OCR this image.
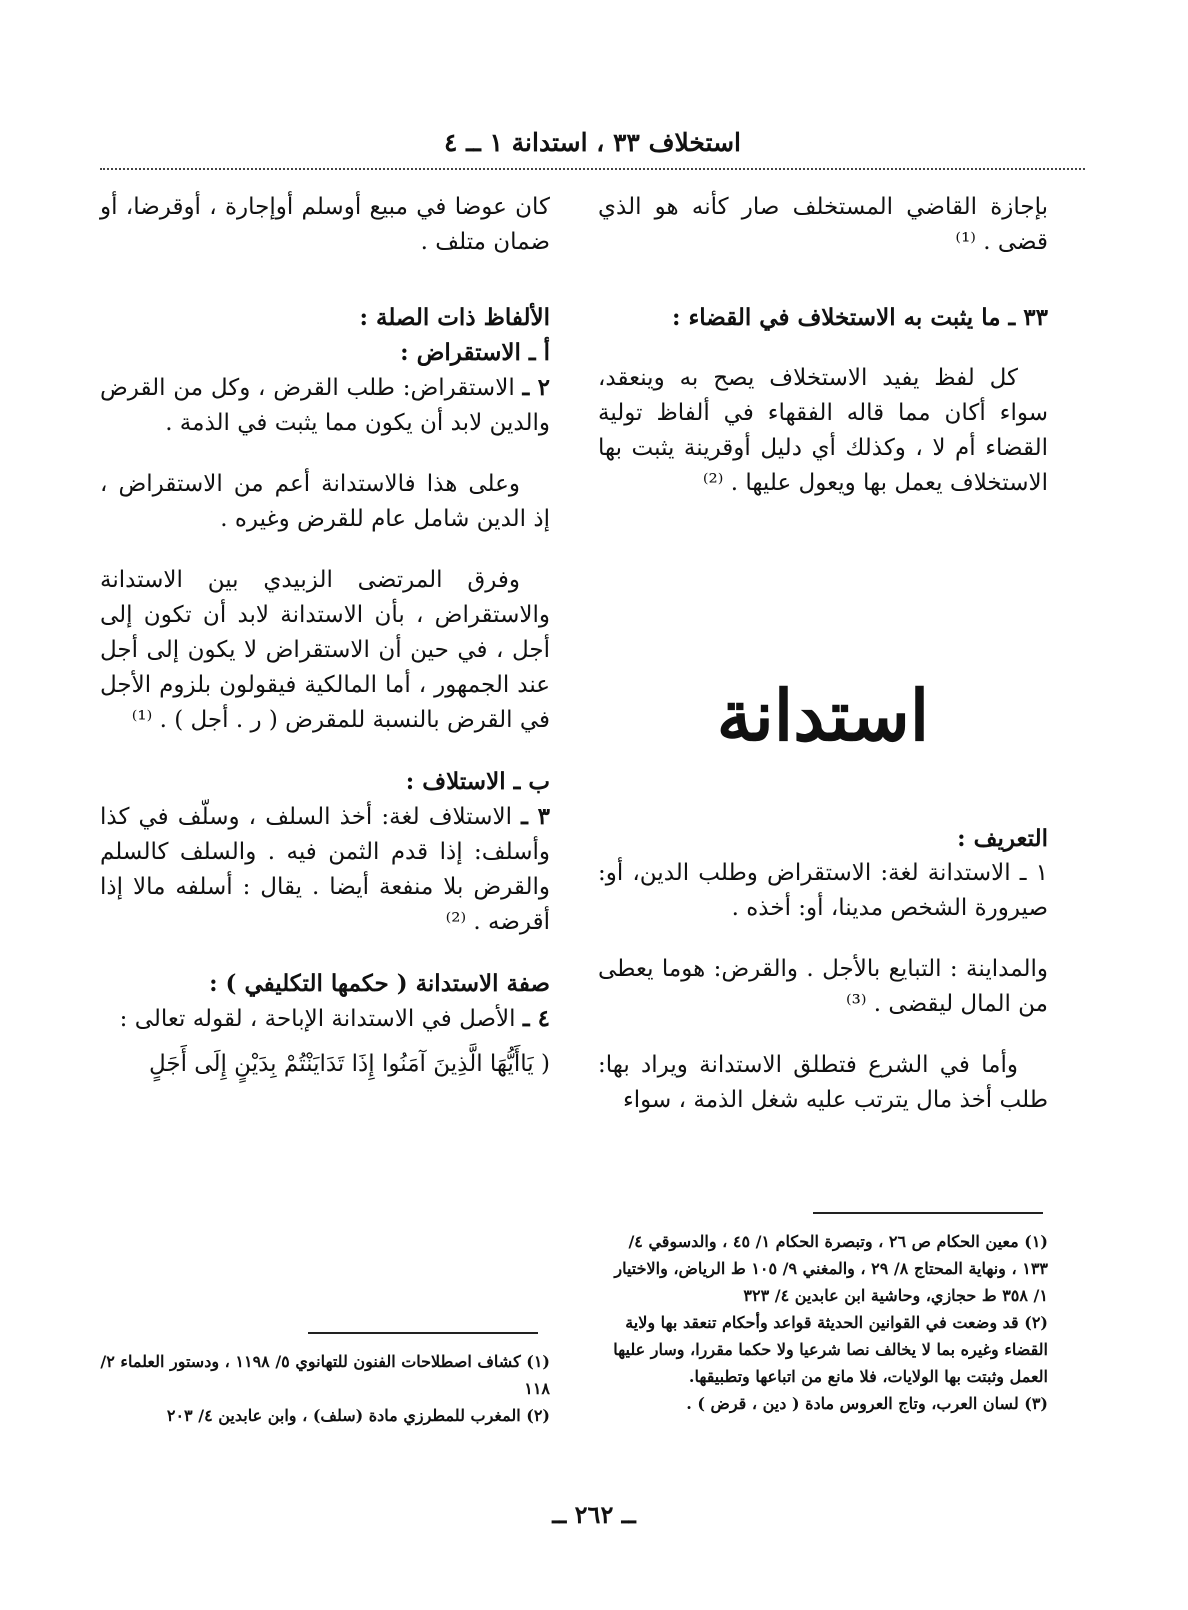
استخلاف ٣٣ ، استدانة ١ ــ ٤

بإجازة القاضي المستخلف صار كأنه هو الذي قضى . ⁽¹⁾

٣٣ ـ ما يثبت به الاستخلاف في القضاء :

كل لفظ يفيد الاستخلاف يصح به وينعقد، سواء أكان مما قاله الفقهاء في ألفاظ تولية القضاء أم لا ، وكذلك أي دليل أوقرينة يثبت بها الاستخلاف يعمل بها ويعول عليها . ⁽²⁾

استدانة

التعريف :

١ ـ الاستدانة لغة: الاستقراض وطلب الدين، أو: صيرورة الشخص مدينا، أو: أخذه .

والمداينة : التبايع بالأجل . والقرض: هوما يعطى من المال ليقضى . ⁽³⁾

وأما في الشرع فتطلق الاستدانة ويراد بها: طلب أخذ مال يترتب عليه شغل الذمة ، سواء

كان عوضا في مبيع أوسلم أوإجارة ، أوقرضا، أو ضمان متلف .

الألفاظ ذات الصلة :

أ ـ الاستقراض :

٢ ـ الاستقراض: طلب القرض ، وكل من القرض والدين لابد أن يكون مما يثبت في الذمة .

وعلى هذا فالاستدانة أعم من الاستقراض ، إذ الدين شامل عام للقرض وغيره .

وفرق المرتضى الزبيدي بين الاستدانة والاستقراض ، بأن الاستدانة لابد أن تكون إلى أجل ، في حين أن الاستقراض لا يكون إلى أجل عند الجمهور ، أما المالكية فيقولون بلزوم الأجل في القرض بالنسبة للمقرض ( ر . أجل ) . ⁽¹⁾

ب ـ الاستلاف :

٣ ـ الاستلاف لغة: أخذ السلف ، وسلّف في كذا وأسلف: إذا قدم الثمن فيه . والسلف كالسلم والقرض بلا منفعة أيضا . يقال : أسلفه مالا إذا أقرضه . ⁽²⁾

صفة الاستدانة ( حكمها التكليفي ) :

٤ ـ الأصل في الاستدانة الإباحة ، لقوله تعالى :

( يَاأَيُّهَا الَّذِينَ آمَنُوا إِذَا تَدَايَنْتُمْ بِدَيْنٍ إِلَى أَجَلٍ

(١) معين الحكام ص ٢٦ ، وتبصرة الحكام ١/ ٤٥ ، والدسوقي ٤/ ١٣٣ ، ونهاية المحتاج ٨/ ٢٩ ، والمغني ٩/ ١٠٥ ط الرياض، والاختيار ١/ ٣٥٨ ط حجازي، وحاشية ابن عابدين ٤/ ٣٢٣

(٢) قد وضعت في القوانين الحديثة قواعد وأحكام تنعقد بها ولاية القضاء وغيره بما لا يخالف نصا شرعيا ولا حكما مقررا، وسار عليها العمل وثبتت بها الولايات، فلا مانع من اتباعها وتطبيقها.

(٣) لسان العرب، وتاج العروس مادة ( دين ، قرض ) .

(١) كشاف اصطلاحات الفنون للتهانوي ٥/ ١١٩٨ ، ودستور العلماء ٢/ ١١٨

(٢) المغرب للمطرزي مادة (سلف) ، وابن عابدين ٤/ ٢٠٣

ــ ٢٦٢ ــ
